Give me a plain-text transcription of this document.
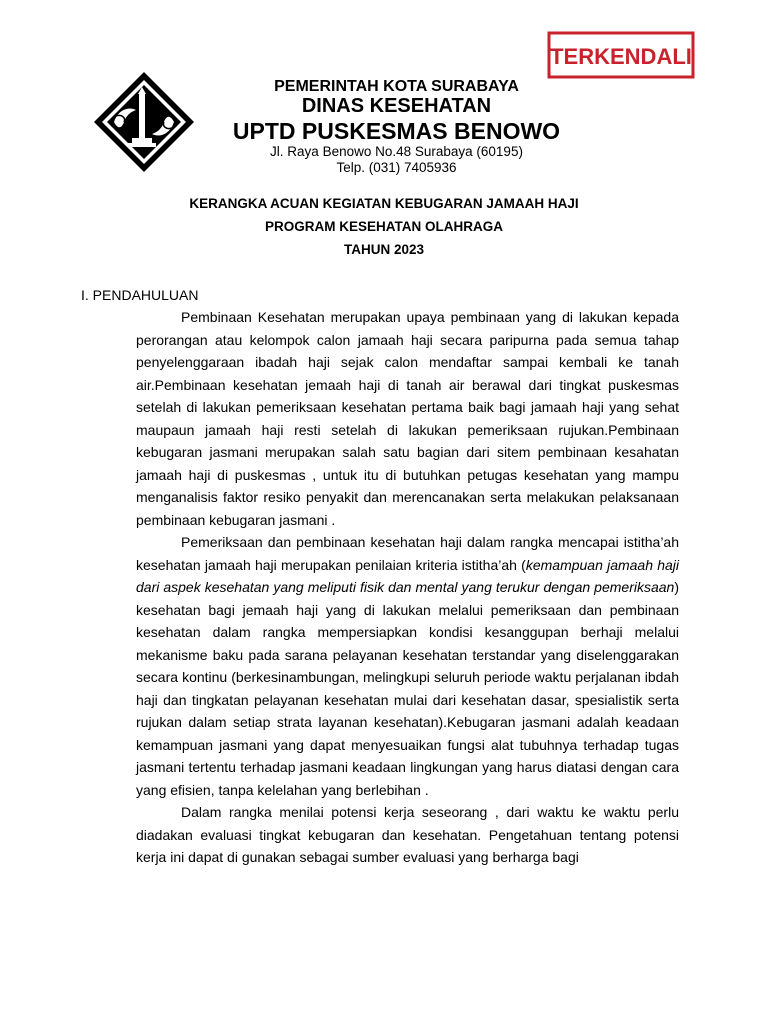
TERKENDALI
PEMERINTAH KOTA SURABAYA
DINAS KESEHATAN
UPTD PUSKESMAS BENOWO
Jl. Raya Benowo No.48 Surabaya (60195)
Telp. (031) 7405936
KERANGKA ACUAN KEGIATAN KEBUGARAN JAMAAH HAJI
PROGRAM KESEHATAN OLAHRAGA
TAHUN 2023
I. PENDAHULUAN

Pembinaan Kesehatan merupakan upaya pembinaan yang di lakukan kepada perorangan atau kelompok calon jamaah haji secara paripurna pada semua tahap penyelenggaraan ibadah haji sejak calon mendaftar sampai kembali ke tanah air.Pembinaan kesehatan jemaah haji di tanah air berawal dari tingkat puskesmas setelah di lakukan pemeriksaan kesehatan pertama baik bagi jamaah haji yang sehat maupaun jamaah haji resti setelah di lakukan pemeriksaan rujukan.Pembinaan kebugaran jasmani merupakan salah satu bagian dari sitem pembinaan kesahatan jamaah haji di puskesmas , untuk itu di butuhkan petugas kesehatan yang mampu menganalisis faktor resiko penyakit dan merencanakan serta melakukan pelaksanaan pembinaan kebugaran jasmani .

Pemeriksaan dan pembinaan kesehatan haji dalam rangka mencapai istitha’ah kesehatan jamaah haji merupakan penilaian kriteria istitha’ah (kemampuan jamaah haji dari aspek kesehatan yang meliputi fisik dan mental yang terukur dengan pemeriksaan) kesehatan bagi jemaah haji yang di lakukan melalui pemeriksaan dan pembinaan kesehatan dalam rangka mempersiapkan kondisi kesanggupan berhaji melalui mekanisme baku pada sarana pelayanan kesehatan terstandar yang diselenggarakan secara kontinu (berkesinambungan, melingkupi seluruh periode waktu perjalanan ibdah haji dan tingkatan pelayanan kesehatan mulai dari kesehatan dasar, spesialistik serta rujukan dalam setiap strata layanan kesehatan).Kebugaran jasmani adalah keadaan kemampuan jasmani yang dapat menyesuaikan fungsi alat tubuhnya terhadap tugas jasmani tertentu terhadap jasmani keadaan lingkungan yang harus diatasi dengan cara yang efisien, tanpa kelelahan yang berlebihan .

Dalam rangka menilai potensi kerja seseorang , dari waktu ke waktu perlu diadakan evaluasi tingkat kebugaran dan kesehatan. Pengetahuan tentang potensi kerja ini dapat di gunakan sebagai sumber evaluasi yang berharga bagi
